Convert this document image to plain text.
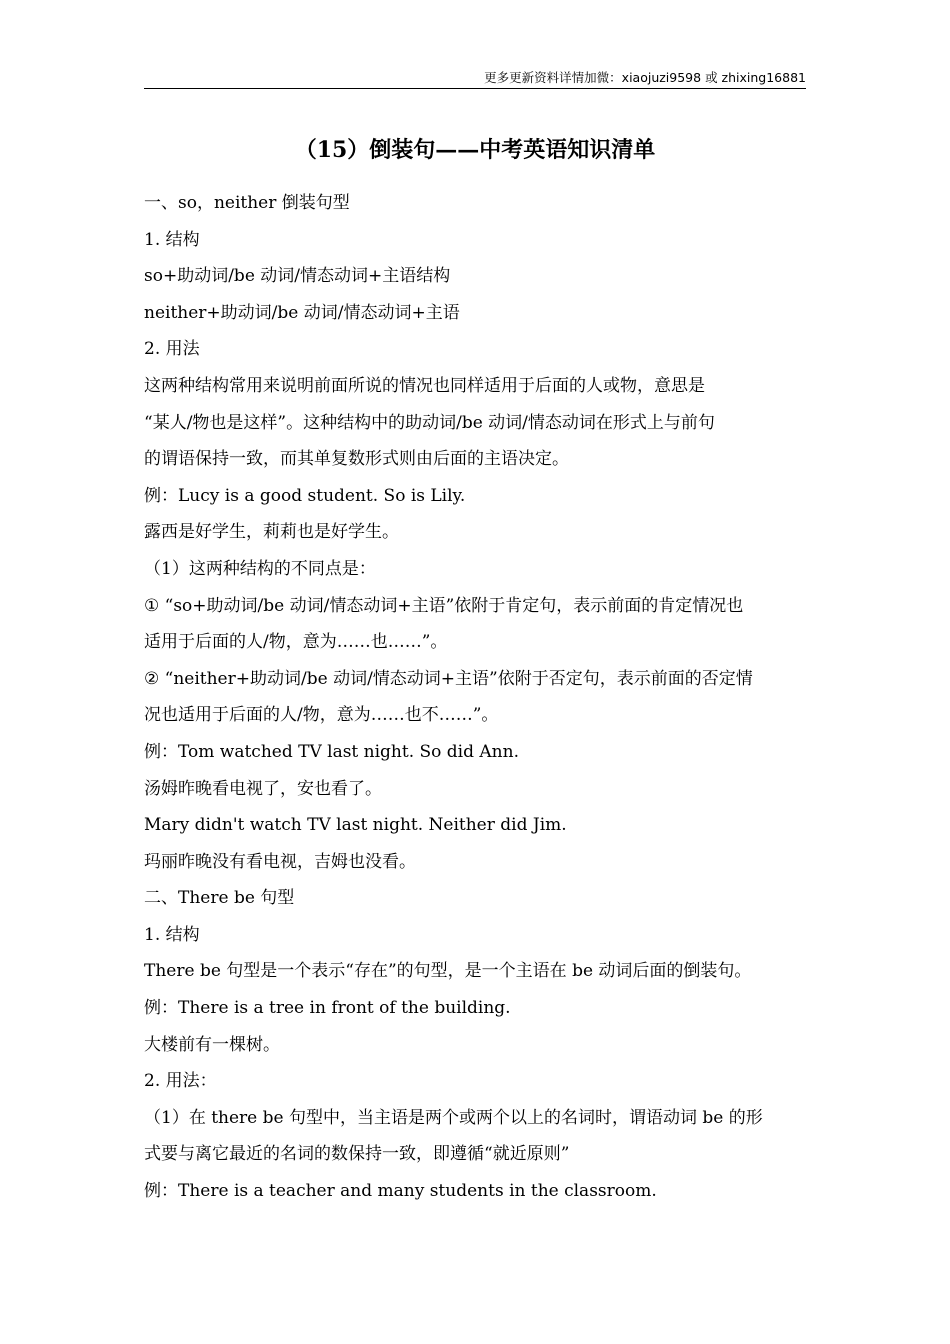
更多更新资料详情加微：xiaojuzi9598 或 zhixing16881
（15）倒装句——中考英语知识清单
一、so，neither 倒装句型
1. 结构
so+助动词/be 动词/情态动词+主语结构
neither+助动词/be 动词/情态动词+主语
2. 用法
这两种结构常用来说明前面所说的情况也同样适用于后面的人或物，意思是
“某人/物也是这样”。这种结构中的助动词/be 动词/情态动词在形式上与前句
的谓语保持一致，而其单复数形式则由后面的主语决定。
例：Lucy is a good student. So is Lily.
露西是好学生，莉莉也是好学生。
（1）这两种结构的不同点是：
① “so+助动词/be 动词/情态动词+主语”依附于肯定句，表示前面的肯定情况也
适用于后面的人/物，意为……也……”。
② “neither+助动词/be 动词/情态动词+主语”依附于否定句，表示前面的否定情
况也适用于后面的人/物，意为……也不……”。
例：Tom watched TV last night. So did Ann.
汤姆昨晚看电视了，安也看了。
Mary didn't watch TV last night. Neither did Jim.
玛丽昨晚没有看电视，吉姆也没看。
二、There be 句型
1. 结构
There be 句型是一个表示“存在”的句型，是一个主语在 be 动词后面的倒装句。
例：There is a tree in front of the building.
大楼前有一棵树。
2. 用法：
（1）在 there be 句型中，当主语是两个或两个以上的名词时，谓语动词 be 的形
式要与离它最近的名词的数保持一致，即遵循“就近原则”
例：There is a teacher and many students in the classroom.
